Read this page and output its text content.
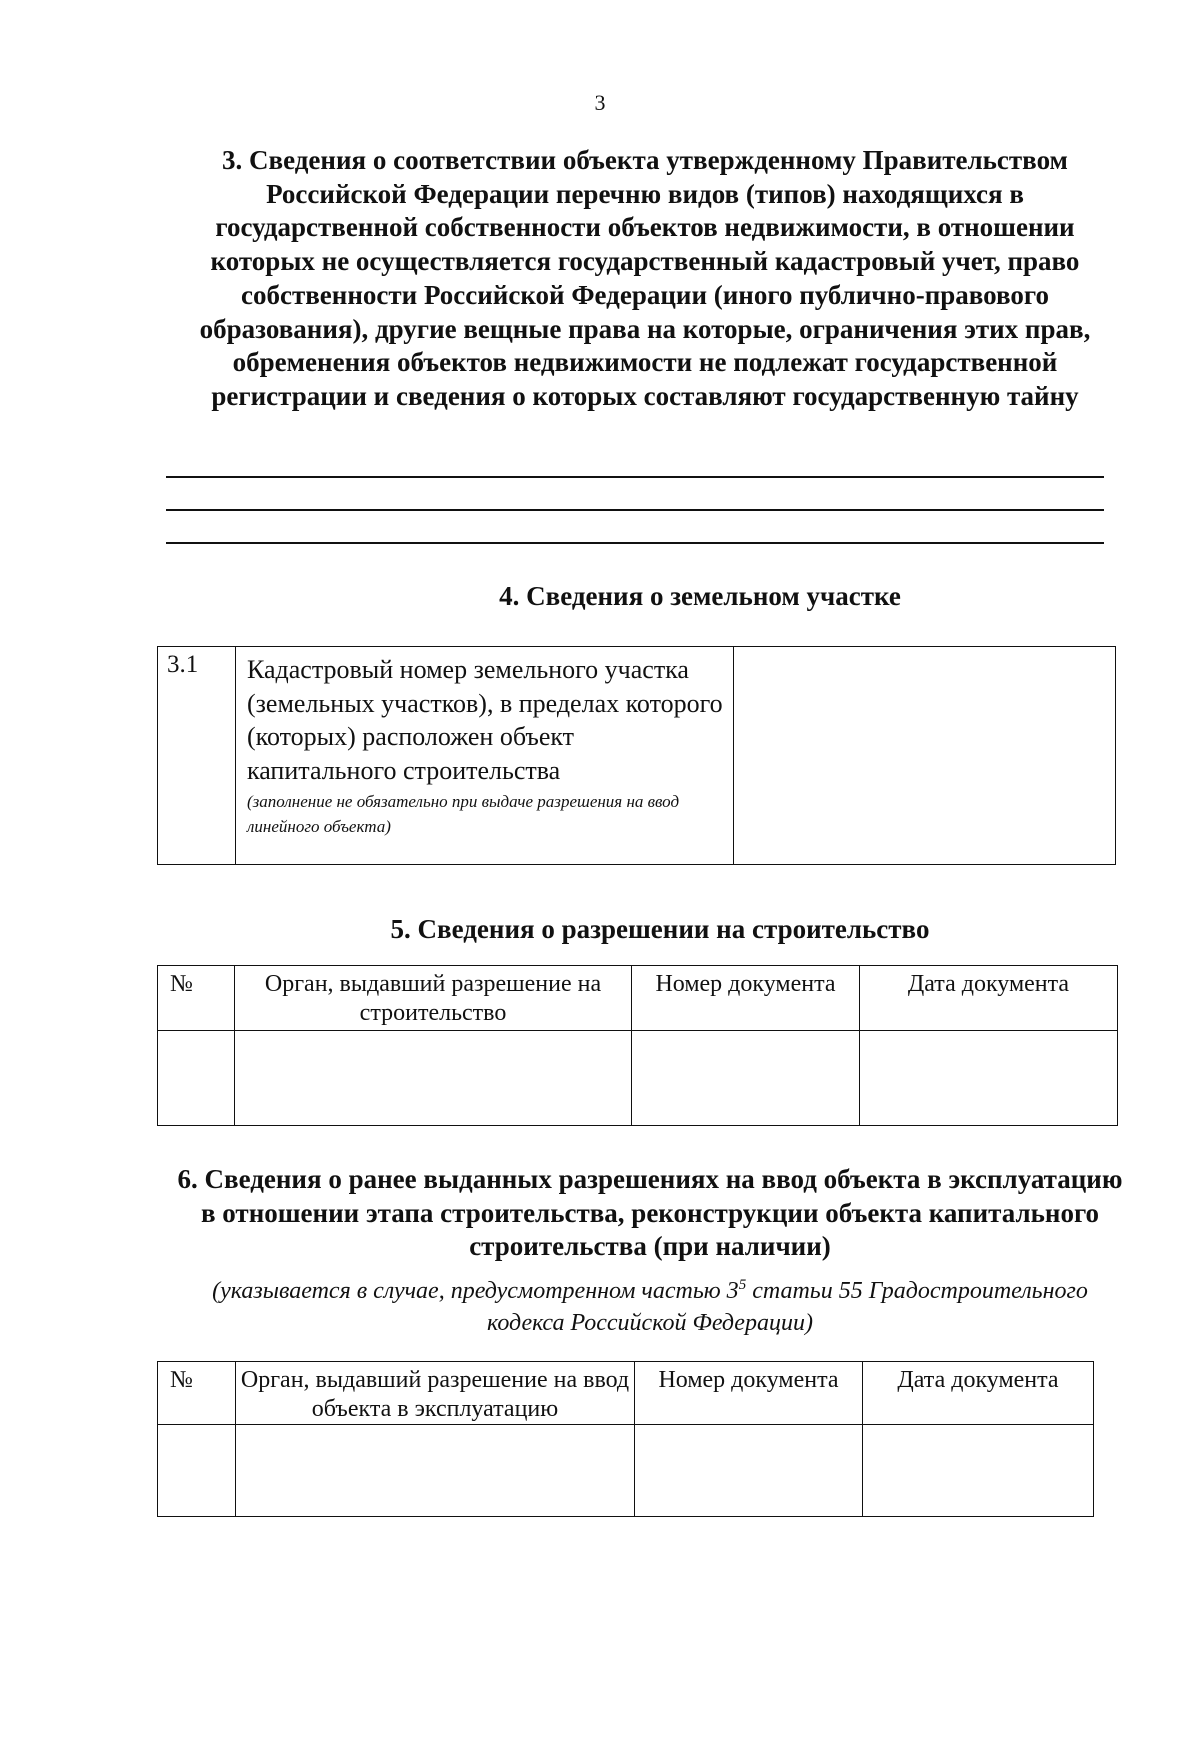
3
3. Сведения о соответствии объекта утвержденному Правительством Российской Федерации перечню видов (типов) находящихся в государственной собственности объектов недвижимости, в отношении которых не осуществляется государственный кадастровый учет, право собственности Российской Федерации (иного публично-правового образования), другие вещные права на которые, ограничения этих прав, обременения объектов недвижимости не подлежат государственной регистрации и сведения о которых составляют государственную тайну
4. Сведения о земельном участке
3.1	Кадастровый номер земельного участка (земельных участков), в пределах которого (которых) расположен объект капитального строительства
(заполнение не обязательно при выдаче разрешения на ввод линейного объекта)

5. Сведения о разрешении на строительство
№	Орган, выдавший разрешение на строительство	Номер документа	Дата документа

6. Сведения о ранее выданных разрешениях на ввод объекта в эксплуатацию в отношении этапа строительства, реконструкции объекта капитального строительства (при наличии)
(указывается в случае, предусмотренном частью $3^5$ статьи 55 Градостроительного кодекса Российской Федерации)
№	Орган, выдавший разрешение на ввод объекта в эксплуатацию	Номер документа	Дата документа
